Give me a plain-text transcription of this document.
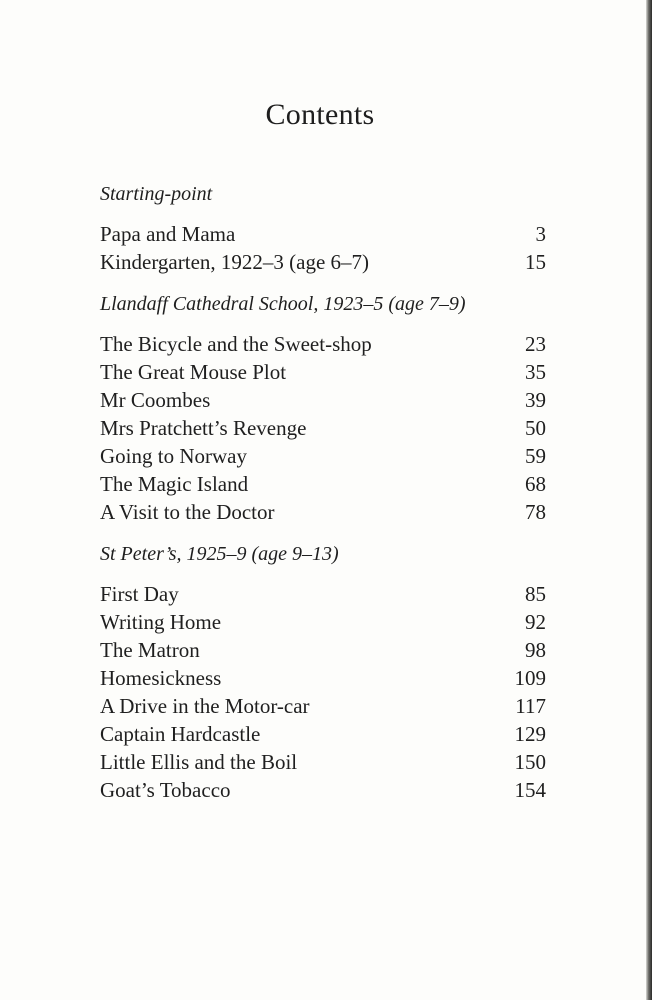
Contents
Starting-point
Papa and Mama	3
Kindergarten, 1922–3 (age 6–7)	15
Llandaff Cathedral School, 1923–5 (age 7–9)
The Bicycle and the Sweet-shop	23
The Great Mouse Plot	35
Mr Coombes	39
Mrs Pratchett’s Revenge	50
Going to Norway	59
The Magic Island	68
A Visit to the Doctor	78
St Peter’s, 1925–9 (age 9–13)
First Day	85
Writing Home	92
The Matron	98
Homesickness	109
A Drive in the Motor-car	117
Captain Hardcastle	129
Little Ellis and the Boil	150
Goat’s Tobacco	154
